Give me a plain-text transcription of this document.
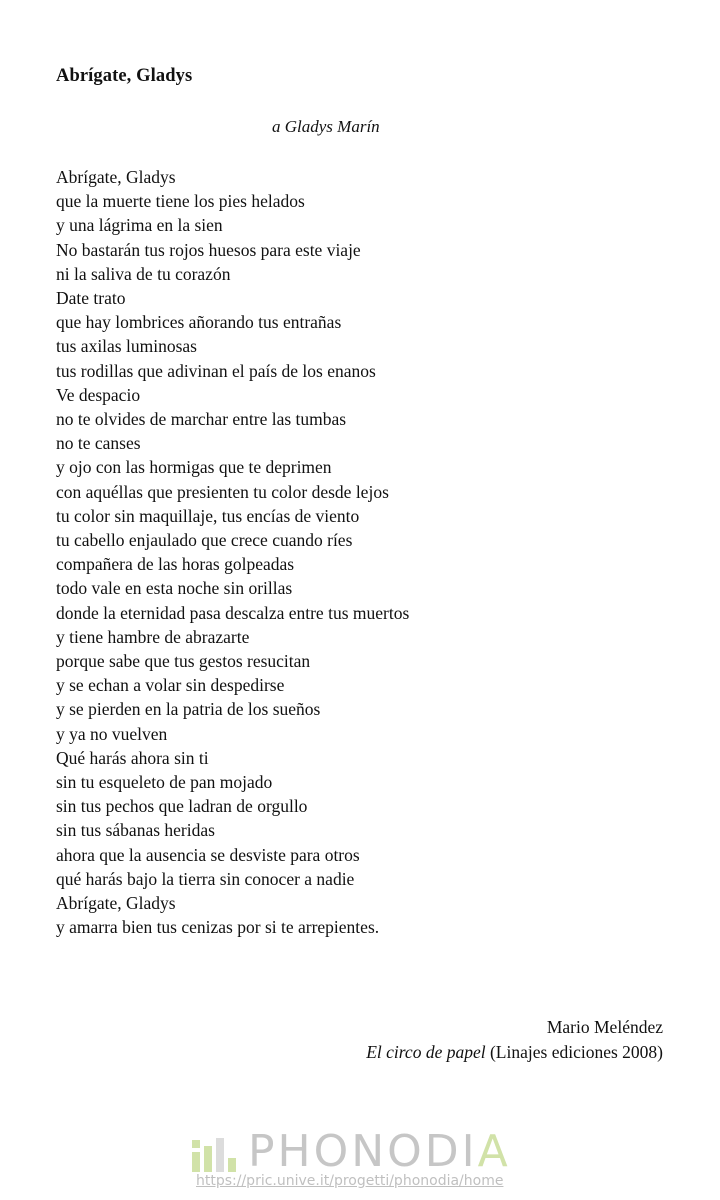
Abrígate, Gladys
a Gladys Marín
Abrígate, Gladys
que la muerte tiene los pies helados
y una lágrima en la sien
No bastarán tus rojos huesos para este viaje
ni la saliva de tu corazón
Date trato
que hay lombrices añorando tus entrañas
tus axilas luminosas
tus rodillas que adivinan el país de los enanos
Ve despacio
no te olvides de marchar entre las tumbas
no te canses
y ojo con las hormigas que te deprimen
con aquéllas que presienten tu color desde lejos
tu color sin maquillaje, tus encías de viento
tu cabello enjaulado que crece cuando ríes
compañera de las horas golpeadas
todo vale en esta noche sin orillas
donde la eternidad pasa descalza entre tus muertos
y tiene hambre de abrazarte
porque sabe que tus gestos resucitan
y se echan a volar sin despedirse
y se pierden en la patria de los sueños
y ya no vuelven
Qué harás ahora sin ti
sin tu esqueleto de pan mojado
sin tus pechos que ladran de orgullo
sin tus sábanas heridas
ahora que la ausencia se desviste para otros
qué harás bajo la tierra sin conocer a nadie
Abrígate, Gladys
y amarra bien tus cenizas por si te arrepientes.
Mario Meléndez
El circo de papel (Linajes ediciones 2008)
PHONODIA
https://pric.unive.it/progetti/phonodia/home
